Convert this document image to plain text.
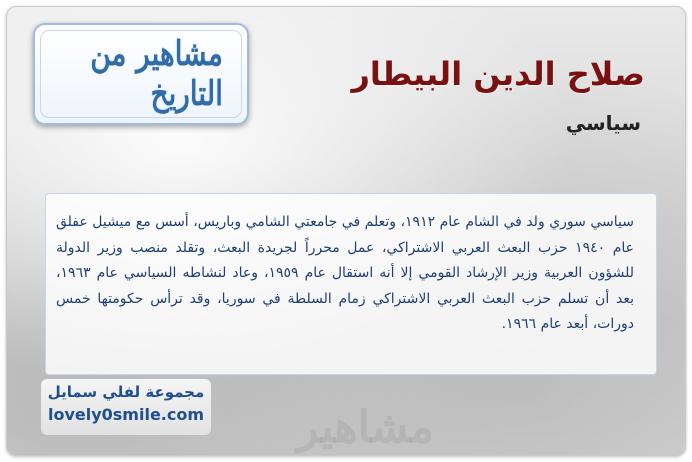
مشاهير
مشاهير من التاريخ	صلاح الدين البيطار

سياسي

سياسي سوري ولد في الشام عام ١٩١٢، وتعلم في جامعتي الشامي وباريس، أسس مع ميشيل عفلق عام ١٩٤٠ حزب البعث العربي الاشتراكي، عمل محرراً لجريدة البعث، وتقلد منصب وزير الدولة للشؤون العربية وزير الإرشاد القومي إلا أنه استقال عام ١٩٥٩، وعاد لنشاطه السياسي عام ١٩٦٣، بعد أن تسلم حزب البعث العربي الاشتراكي زمام السلطة في سوريا، وقد ترأس حكومتها خمس دورات، أبعد عام ١٩٦٦.

مجموعة لفلي سمايل
lovely0smile.com
